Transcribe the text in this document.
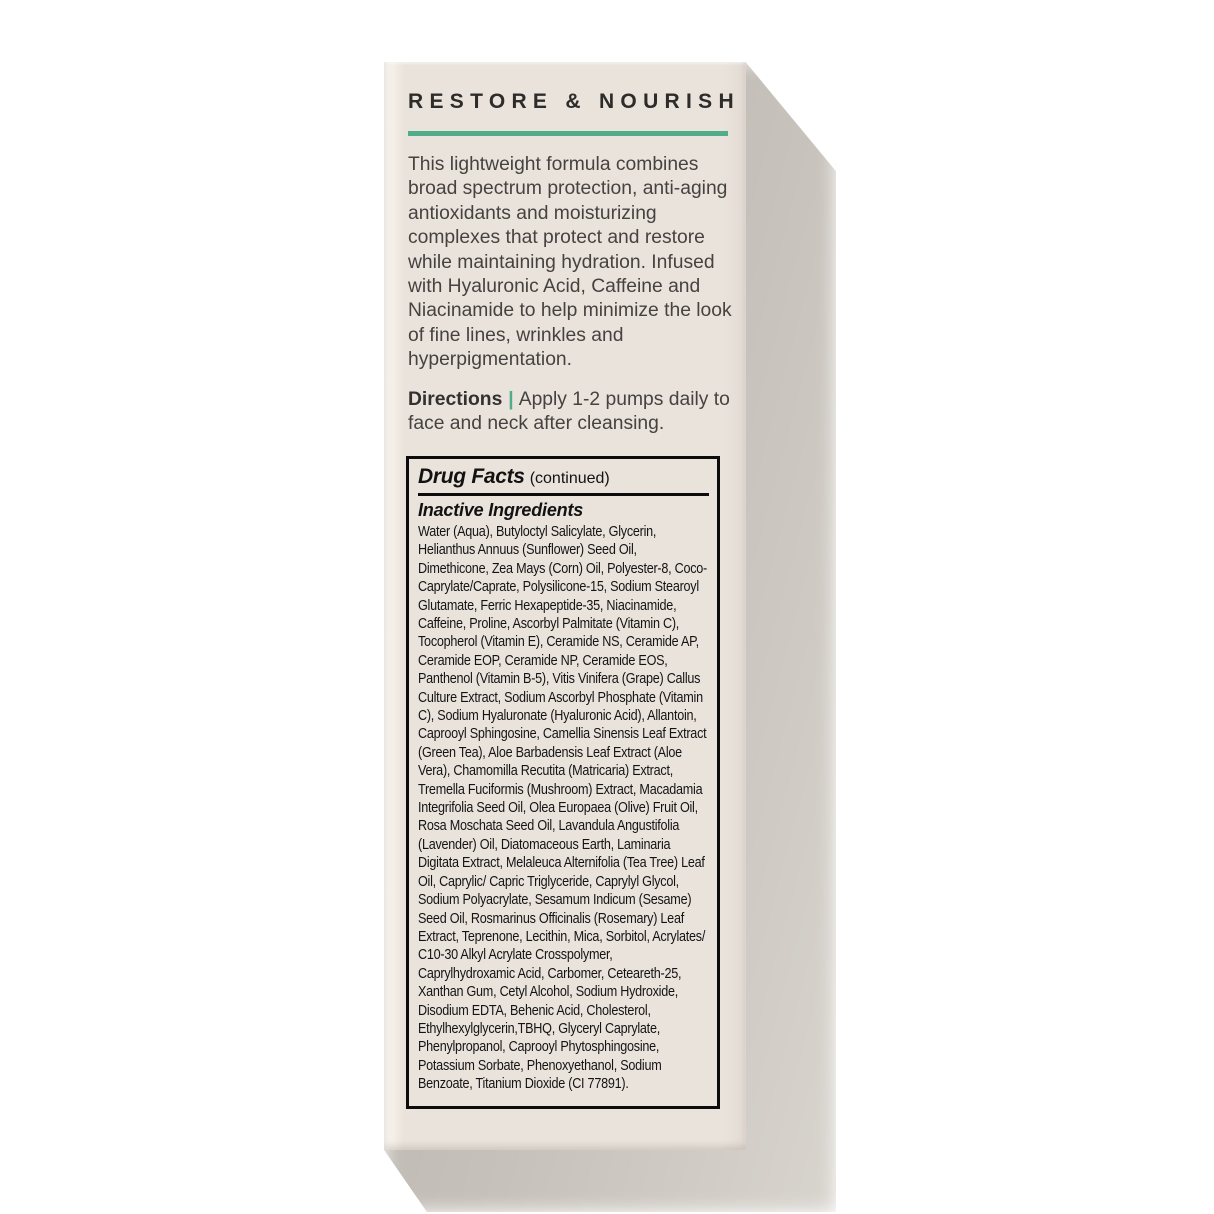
RESTORE & NOURISH

This lightweight formula combines broad spectrum protection, anti-aging antioxidants and moisturizing complexes that protect and restore while maintaining hydration. Infused with Hyaluronic Acid, Caffeine and Niacinamide to help minimize the look of fine lines, wrinkles and hyperpigmentation.

Directions | Apply 1-2 pumps daily to face and neck after cleansing.

Drug Facts (continued)
Inactive Ingredients
Water (Aqua), Butyloctyl Salicylate, Glycerin, Helianthus Annuus (Sunflower) Seed Oil, Dimethicone, Zea Mays (Corn) Oil, Polyester-8, Coco-Caprylate/Caprate, Polysilicone-15, Sodium Stearoyl Glutamate, Ferric Hexapeptide-35, Niacinamide, Caffeine, Proline, Ascorbyl Palmitate (Vitamin C), Tocopherol (Vitamin E), Ceramide NS, Ceramide AP, Ceramide EOP, Ceramide NP, Ceramide EOS, Panthenol (Vitamin B-5), Vitis Vinifera (Grape) Callus Culture Extract, Sodium Ascorbyl Phosphate (Vitamin C), Sodium Hyaluronate (Hyaluronic Acid), Allantoin, Caprooyl Sphingosine, Camellia Sinensis Leaf Extract (Green Tea), Aloe Barbadensis Leaf Extract (Aloe Vera), Chamomilla Recutita (Matricaria) Extract, Tremella Fuciformis (Mushroom) Extract, Macadamia Integrifolia Seed Oil, Olea Europaea (Olive) Fruit Oil, Rosa Moschata Seed Oil, Lavandula Angustifolia (Lavender) Oil, Diatomaceous Earth, Laminaria Digitata Extract, Melaleuca Alternifolia (Tea Tree) Leaf Oil, Caprylic/ Capric Triglyceride, Caprylyl Glycol, Sodium Polyacrylate, Sesamum Indicum (Sesame) Seed Oil, Rosmarinus Officinalis (Rosemary) Leaf Extract, Teprenone, Lecithin, Mica, Sorbitol, Acrylates/ C10-30 Alkyl Acrylate Crosspolymer, Caprylhydroxamic Acid, Carbomer, Ceteareth-25, Xanthan Gum, Cetyl Alcohol, Sodium Hydroxide, Disodium EDTA, Behenic Acid, Cholesterol, Ethylhexylglycerin,TBHQ, Glyceryl Caprylate, Phenylpropanol, Caprooyl Phytosphingosine, Potassium Sorbate, Phenoxyethanol, Sodium Benzoate, Titanium Dioxide (CI 77891).
